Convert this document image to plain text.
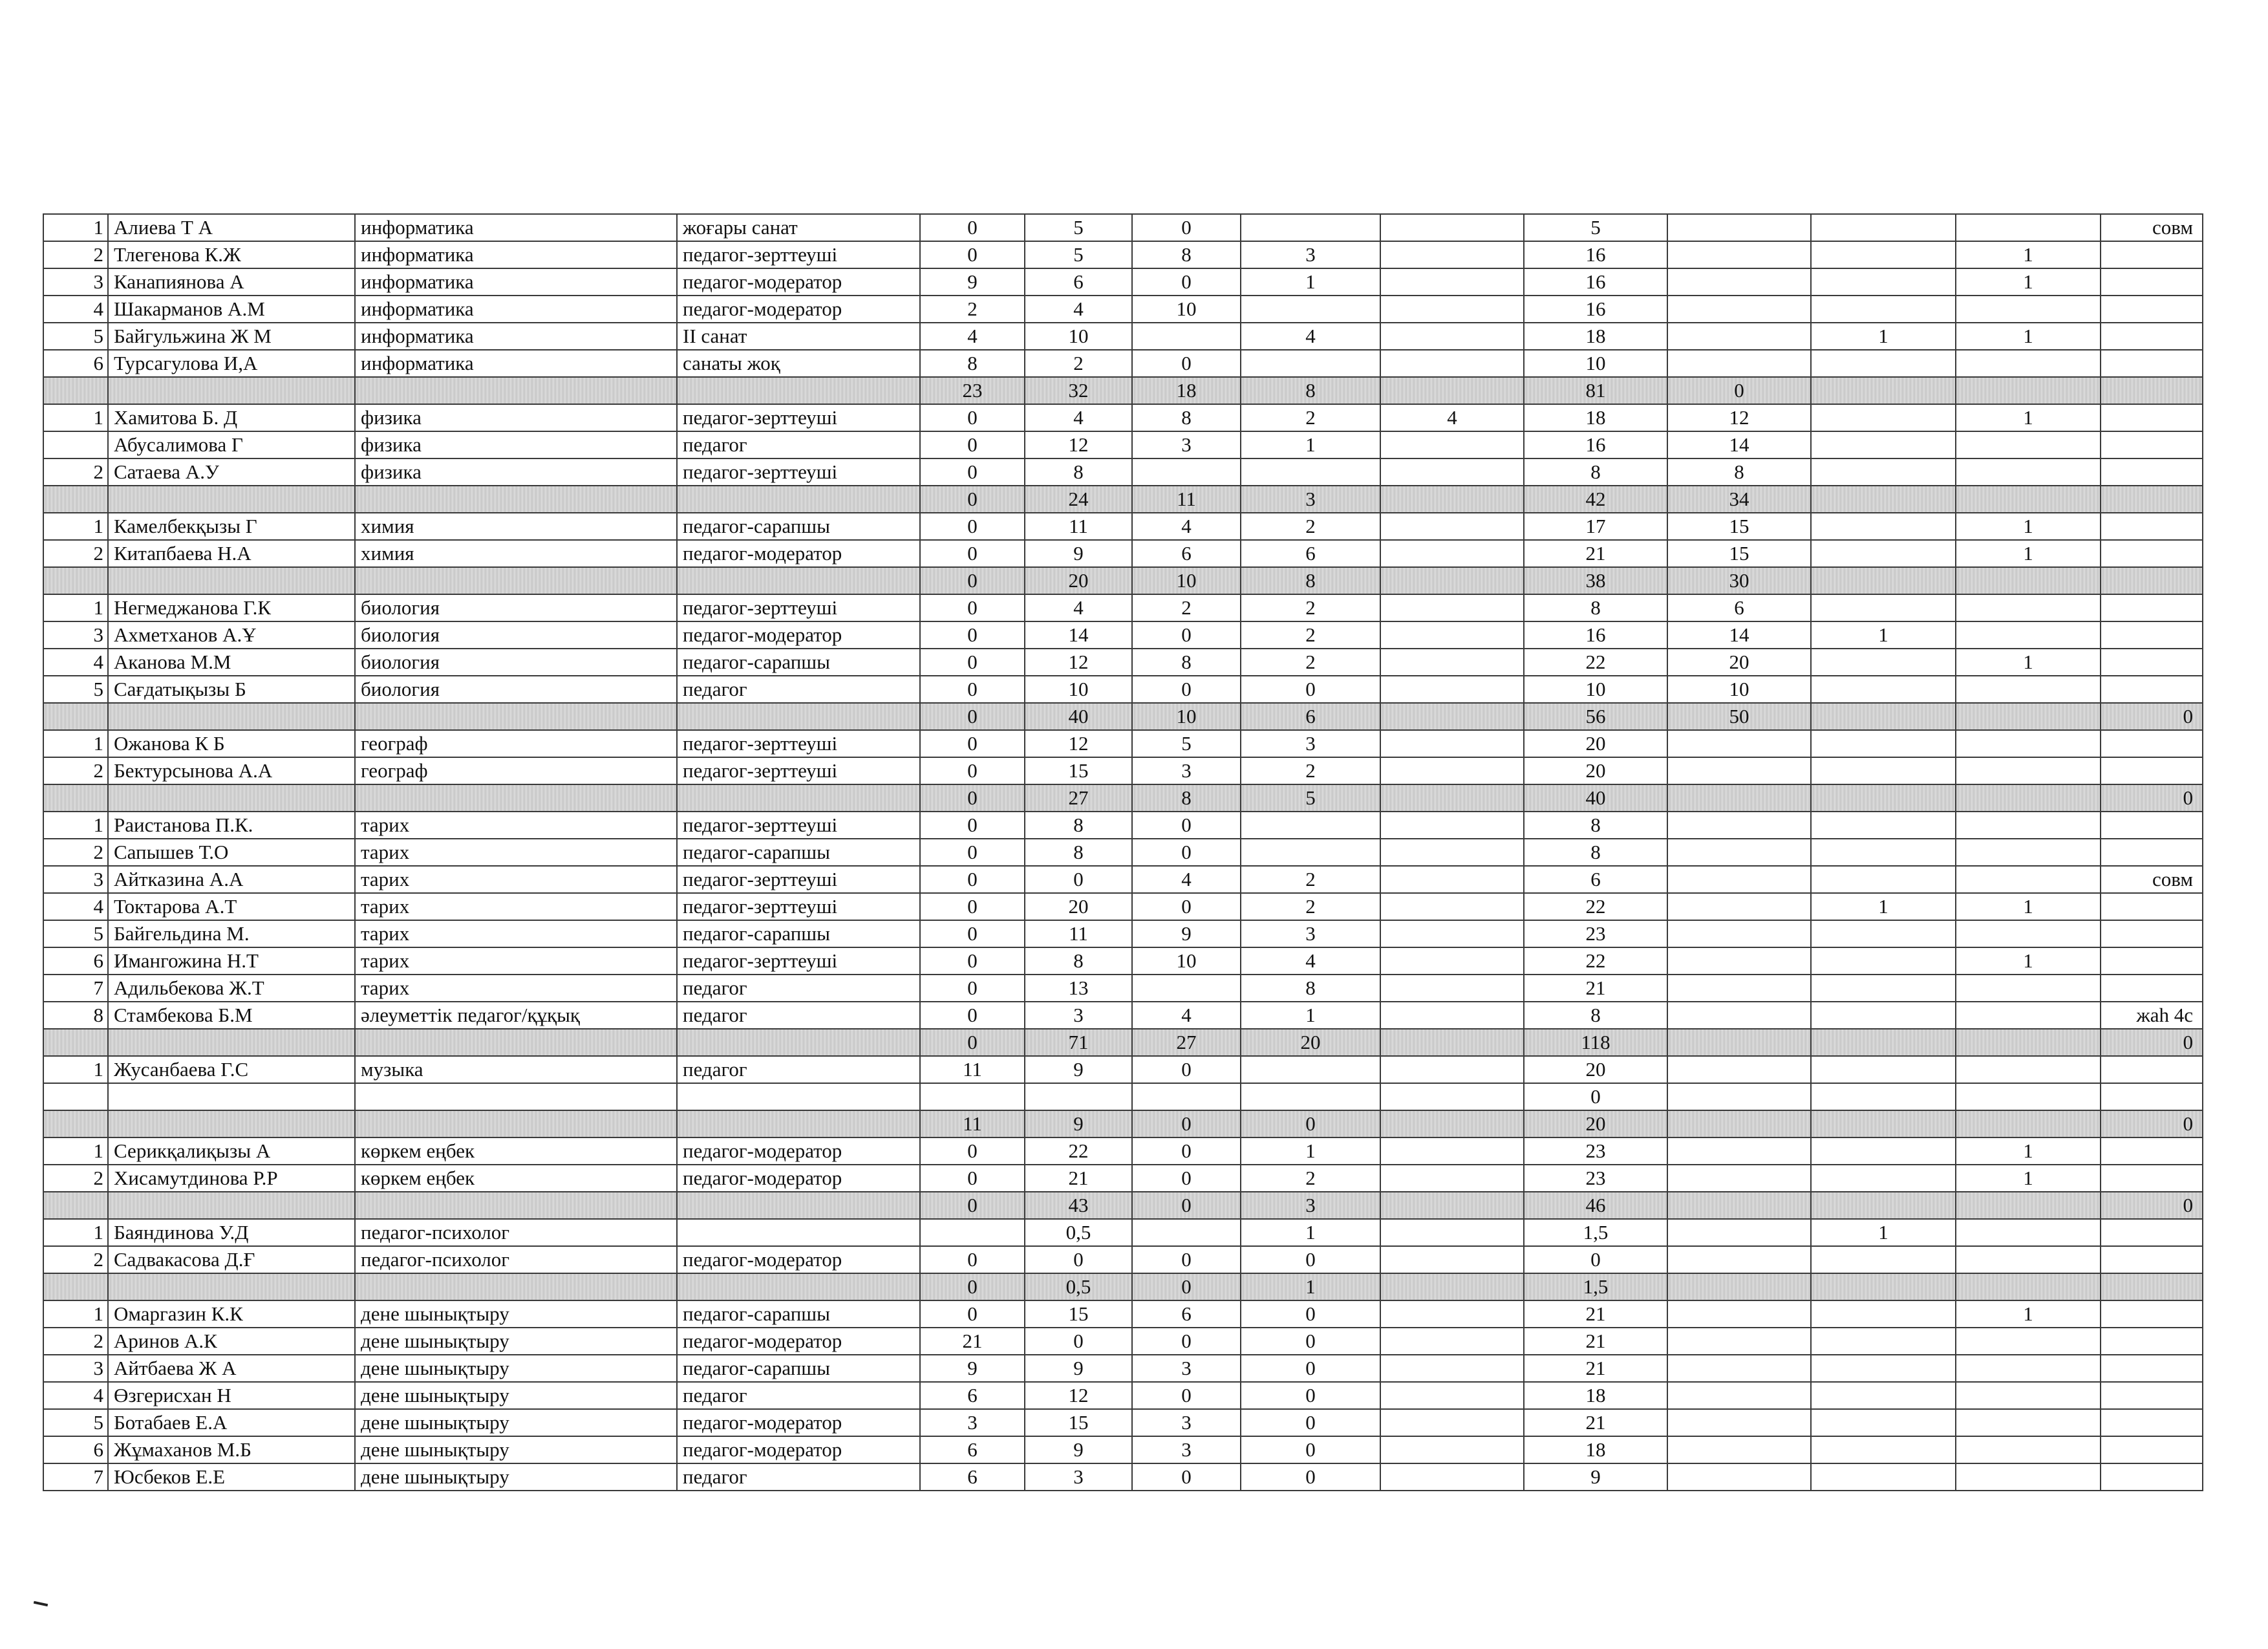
1	Алиева Т А	информатика	жоғары санат	0	5	0			5				совм
2	Тлегенова К.Ж	информатика	педагог-зерттеуші	0	5	8	3		16			1	
3	Канапиянова А	информатика	педагог-модератор	9	6	0	1		16			1	
4	Шакарманов А.М	информатика	педагог-модератор	2	4	10			16				
5	Байгульжина Ж М	информатика	II санат	4	10		4		18		1	1	
6	Турсагулова И,А	информатика	санаты жоқ	8	2	0			10				
				23	32	18	8		81	0			
1	Хамитова Б. Д	физика	педагог-зерттеуші	0	4	8	2	4	18	12		1	
	Абусалимова Г	физика	педагог	0	12	3	1		16	14			
2	Сатаева А.У	физика	педагог-зерттеуші	0	8				8	8			
				0	24	11	3		42	34			
1	Камелбекқызы Г	химия	педагог-сарапшы	0	11	4	2		17	15		1	
2	Китапбаева Н.А	химия	педагог-модератор	0	9	6	6		21	15		1	
				0	20	10	8		38	30			
1	Негмеджанова Г.К	биология	педагог-зерттеуші	0	4	2	2		8	6			
3	Ахметханов А.Ұ	биология	педагог-модератор	0	14	0	2		16	14	1		
4	Аканова М.М	биология	педагог-сарапшы	0	12	8	2		22	20		1	
5	Сағдатықызы Б	биология	педагог	0	10	0	0		10	10			
				0	40	10	6		56	50			0
1	Ожанова К Б	географ	педагог-зерттеуші	0	12	5	3		20				
2	Бектурсынова А.А	географ	педагог-зерттеуші	0	15	3	2		20				
				0	27	8	5		40				0
1	Раистанова П.К.	тарих	педагог-зерттеуші	0	8	0			8				
2	Сапышев Т.О	тарих	педагог-сарапшы	0	8	0			8				
3	Айтказина А.А	тарих	педагог-зерттеуші	0	0	4	2		6				совм
4	Токтарова А.Т	тарих	педагог-зерттеуші	0	20	0	2		22		1	1	
5	Байгельдина М.	тарих	педагог-сарапшы	0	11	9	3		23				
6	Имангожина Н.Т	тарих	педагог-зерттеуші	0	8	10	4		22			1	
7	Адильбекова Ж.Т	тарих	педагог	0	13		8		21				
8	Стамбекова Б.М	әлеуметтік педагог/құқық	педагог	0	3	4	1		8				жаһ 4с
				0	71	27	20		118				0
1	Жусанбаева Г.С	музыка	педагог	11	9	0			20				
									0				
				11	9	0	0		20				0
1	Серикқалиқызы А	көркем еңбек	педагог-модератор	0	22	0	1		23			1	
2	Хисамутдинова Р.Р	көркем еңбек	педагог-модератор	0	21	0	2		23			1	
				0	43	0	3		46				0
1	Баяндинова У.Д	педагог-психолог			0,5		1		1,5		1		
2	Садвакасова Д.Ғ	педагог-психолог	педагог-модератор	0	0	0	0		0				
				0	0,5	0	1		1,5				
1	Омаргазин К.К	дене шынықтыру	педагог-сарапшы	0	15	6	0		21			1	
2	Аринов А.К	дене шынықтыру	педагог-модератор	21	0	0	0		21				
3	Айтбаева Ж А	дене шынықтыру	педагог-сарапшы	9	9	3	0		21				
4	Өзгерисхан Н	дене шынықтыру	педагог	6	12	0	0		18				
5	Ботабаев Е.А	дене шынықтыру	педагог-модератор	3	15	3	0		21				
6	Жұмаханов М.Б	дене шынықтыру	педагог-модератор	6	9	3	0		18				
7	Юсбеков Е.Е	дене шынықтыру	педагог	6	3	0	0		9				
